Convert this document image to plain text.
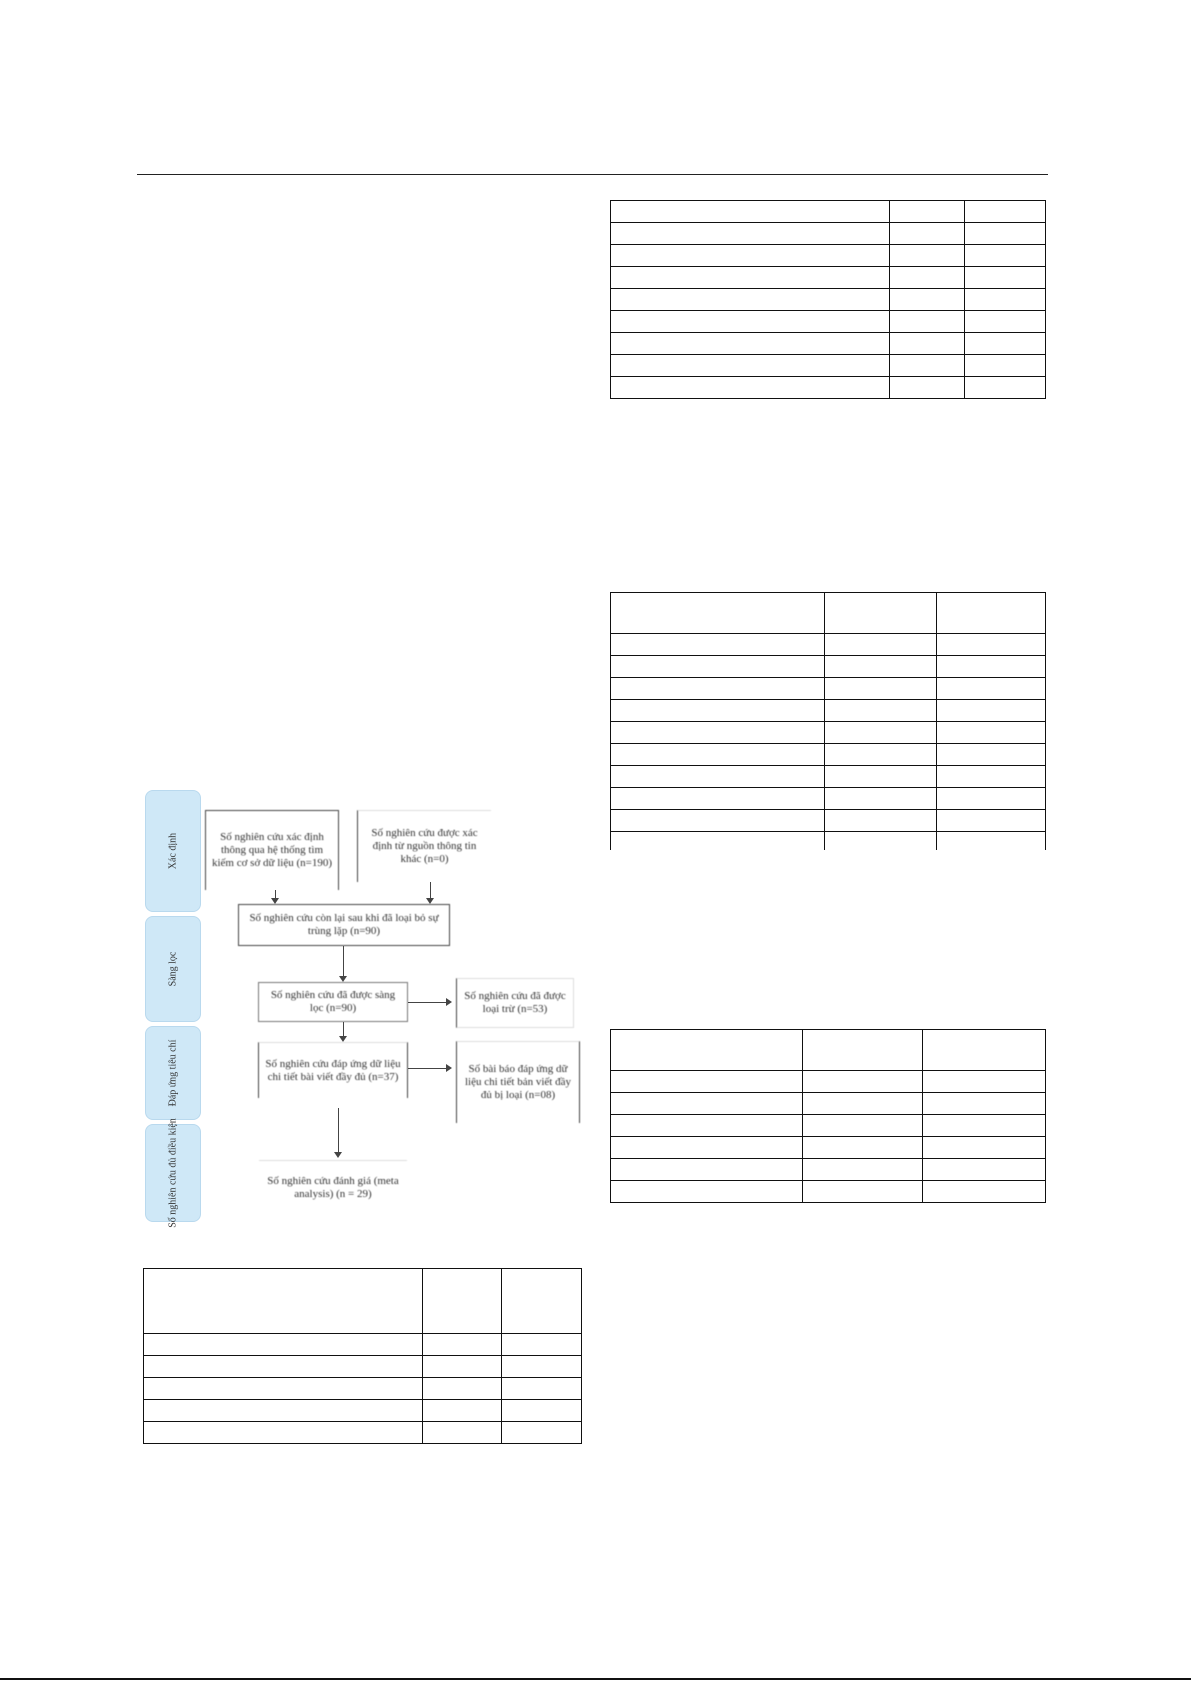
Xác định
Sàng lọc
Đáp ứng tiêu chí
Số nghiên cứu đủ điều kiện
Số nghiên cứu xác định thông qua hệ thống tìm kiếm cơ sở dữ liệu (n=190)
Số nghiên cứu được xác định từ nguồn thông tin khác (n=0)
Số nghiên cứu còn lại sau khi đã loại bỏ sự trùng lặp (n=90)
Số nghiên cứu đã được sàng lọc (n=90)
Số nghiên cứu đã được loại trừ (n=53)
Số nghiên cứu đáp ứng dữ liệu chi tiết bài viết đầy đủ (n=37)
Số bài báo đáp ứng dữ liệu chi tiết bản viết đầy đủ bị loại (n=08)
Số nghiên cứu đánh giá (meta analysis) (n = 29)
